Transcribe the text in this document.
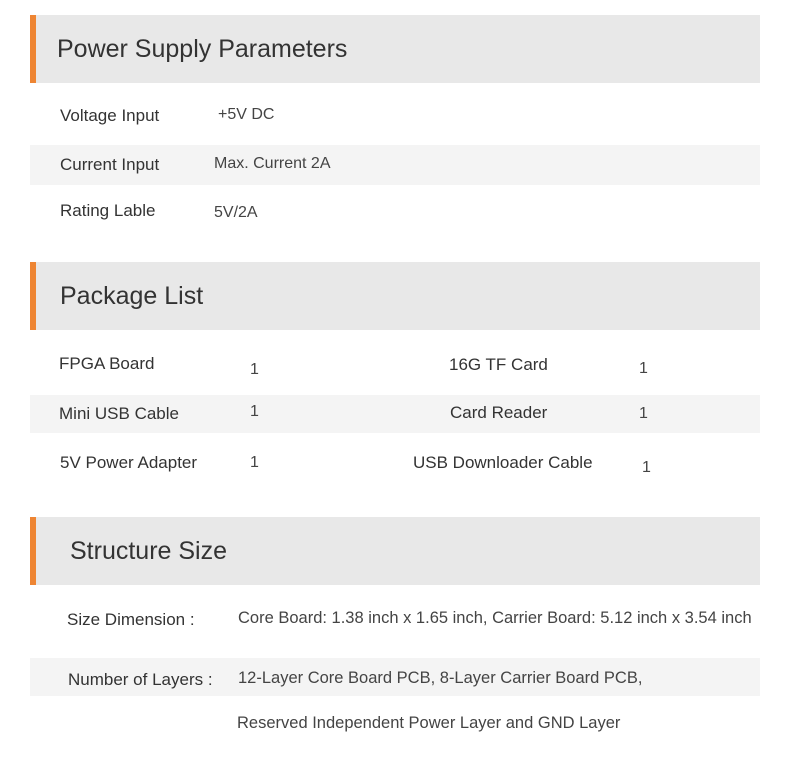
Power Supply Parameters
Voltage Input	+5V DC
Current Input	Max. Current 2A
Rating Lable	5V/2A
Package List
FPGA Board	1	16G TF Card	1
Mini USB Cable	1	Card Reader	1
5V Power Adapter	1	USB Downloader Cable	1
Structure Size
Size Dimension :	Core Board: 1.38 inch x 1.65 inch, Carrier Board: 5.12 inch x 3.54 inch
Number of Layers : 12-Layer Core Board PCB, 8-Layer Carrier Board PCB,
Reserved Independent Power Layer and GND Layer
